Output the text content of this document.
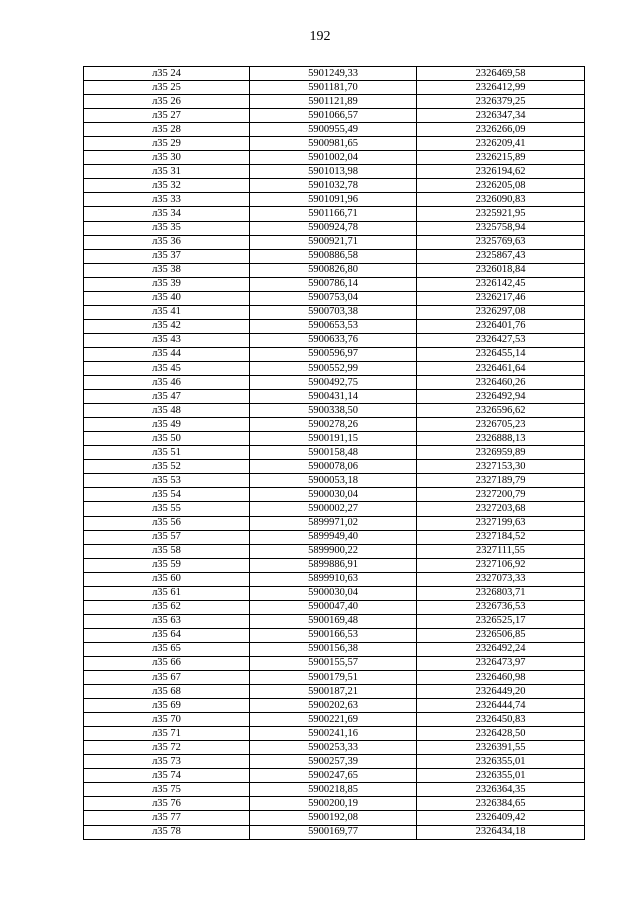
192
л35 24	5901249,33	2326469,58
л35 25	5901181,70	2326412,99
л35 26	5901121,89	2326379,25
л35 27	5901066,57	2326347,34
л35 28	5900955,49	2326266,09
л35 29	5900981,65	2326209,41
л35 30	5901002,04	2326215,89
л35 31	5901013,98	2326194,62
л35 32	5901032,78	2326205,08
л35 33	5901091,96	2326090,83
л35 34	5901166,71	2325921,95
л35 35	5900924,78	2325758,94
л35 36	5900921,71	2325769,63
л35 37	5900886,58	2325867,43
л35 38	5900826,80	2326018,84
л35 39	5900786,14	2326142,45
л35 40	5900753,04	2326217,46
л35 41	5900703,38	2326297,08
л35 42	5900653,53	2326401,76
л35 43	5900633,76	2326427,53
л35 44	5900596,97	2326455,14
л35 45	5900552,99	2326461,64
л35 46	5900492,75	2326460,26
л35 47	5900431,14	2326492,94
л35 48	5900338,50	2326596,62
л35 49	5900278,26	2326705,23
л35 50	5900191,15	2326888,13
л35 51	5900158,48	2326959,89
л35 52	5900078,06	2327153,30
л35 53	5900053,18	2327189,79
л35 54	5900030,04	2327200,79
л35 55	5900002,27	2327203,68
л35 56	5899971,02	2327199,63
л35 57	5899949,40	2327184,52
л35 58	5899900,22	2327111,55
л35 59	5899886,91	2327106,92
л35 60	5899910,63	2327073,33
л35 61	5900030,04	2326803,71
л35 62	5900047,40	2326736,53
л35 63	5900169,48	2326525,17
л35 64	5900166,53	2326506,85
л35 65	5900156,38	2326492,24
л35 66	5900155,57	2326473,97
л35 67	5900179,51	2326460,98
л35 68	5900187,21	2326449,20
л35 69	5900202,63	2326444,74
л35 70	5900221,69	2326450,83
л35 71	5900241,16	2326428,50
л35 72	5900253,33	2326391,55
л35 73	5900257,39	2326355,01
л35 74	5900247,65	2326355,01
л35 75	5900218,85	2326364,35
л35 76	5900200,19	2326384,65
л35 77	5900192,08	2326409,42
л35 78	5900169,77	2326434,18
